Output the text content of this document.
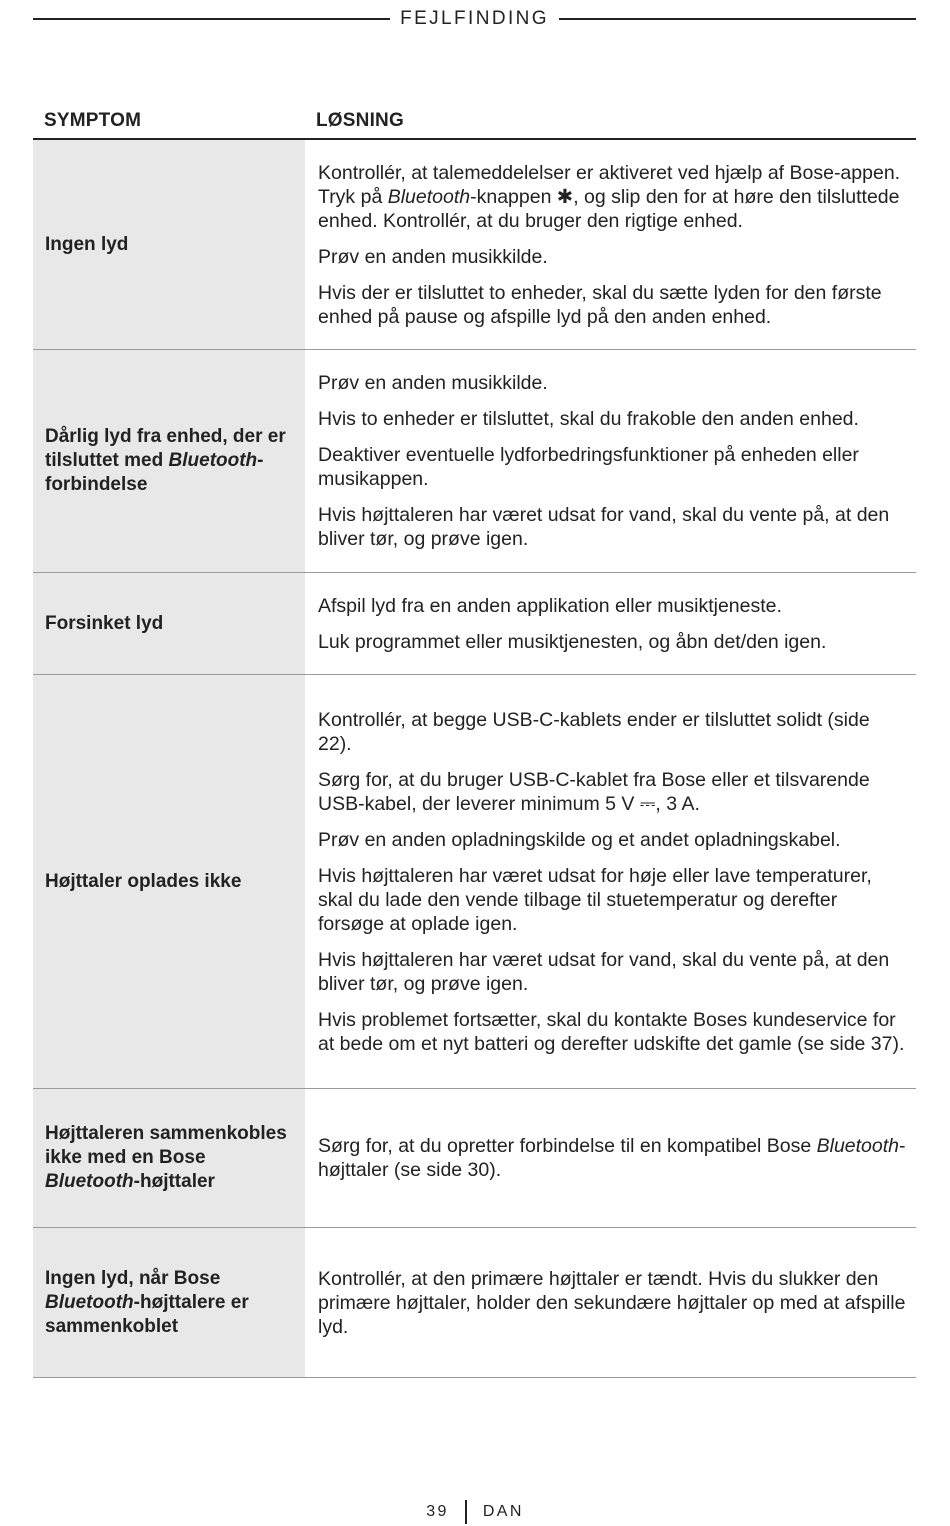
FEJLFINDING
SYMPTOM	LØSNING
Ingen lyd

Kontrollér, at talemeddelelser er aktiveret ved hjælp af Bose-appen. Tryk på Bluetooth-knappen ✱, og slip den for at høre den tilsluttede enhed. Kontrollér, at du bruger den rigtige enhed.

Prøv en anden musikkilde.

Hvis der er tilsluttet to enheder, skal du sætte lyden for den første enhed på pause og afspille lyd på den anden enhed.

Dårlig lyd fra enhed, der er tilsluttet med Bluetooth-forbindelse

Prøv en anden musikkilde.

Hvis to enheder er tilsluttet, skal du frakoble den anden enhed.

Deaktiver eventuelle lydforbedringsfunktioner på enheden eller musikappen.

Hvis højttaleren har været udsat for vand, skal du vente på, at den bliver tør, og prøve igen.

Forsinket lyd

Afspil lyd fra en anden applikation eller musiktjeneste.

Luk programmet eller musiktjenesten, og åbn det/den igen.

Højttaler oplades ikke

Kontrollér, at begge USB-C-kablets ender er tilsluttet solidt (side 22).

Sørg for, at du bruger USB-C-kablet fra Bose eller et tilsvarende USB-kabel, der leverer minimum 5 V ⎓, 3 A.

Prøv en anden opladningskilde og et andet opladningskabel.

Hvis højttaleren har været udsat for høje eller lave temperaturer, skal du lade den vende tilbage til stuetemperatur og derefter forsøge at oplade igen.

Hvis højttaleren har været udsat for vand, skal du vente på, at den bliver tør, og prøve igen.

Hvis problemet fortsætter, skal du kontakte Boses kundeservice for at bede om et nyt batteri og derefter udskifte det gamle (se side 37).

Højttaleren sammenkobles ikke med en Bose Bluetooth-højttaler

Sørg for, at du opretter forbindelse til en kompatibel Bose Bluetooth-højttaler (se side 30).

Ingen lyd, når Bose Bluetooth-højttalere er sammenkoblet

Kontrollér, at den primære højttaler er tændt. Hvis du slukker den primære højttaler, holder den sekundære højttaler op med at afspille lyd.

39 DAN
